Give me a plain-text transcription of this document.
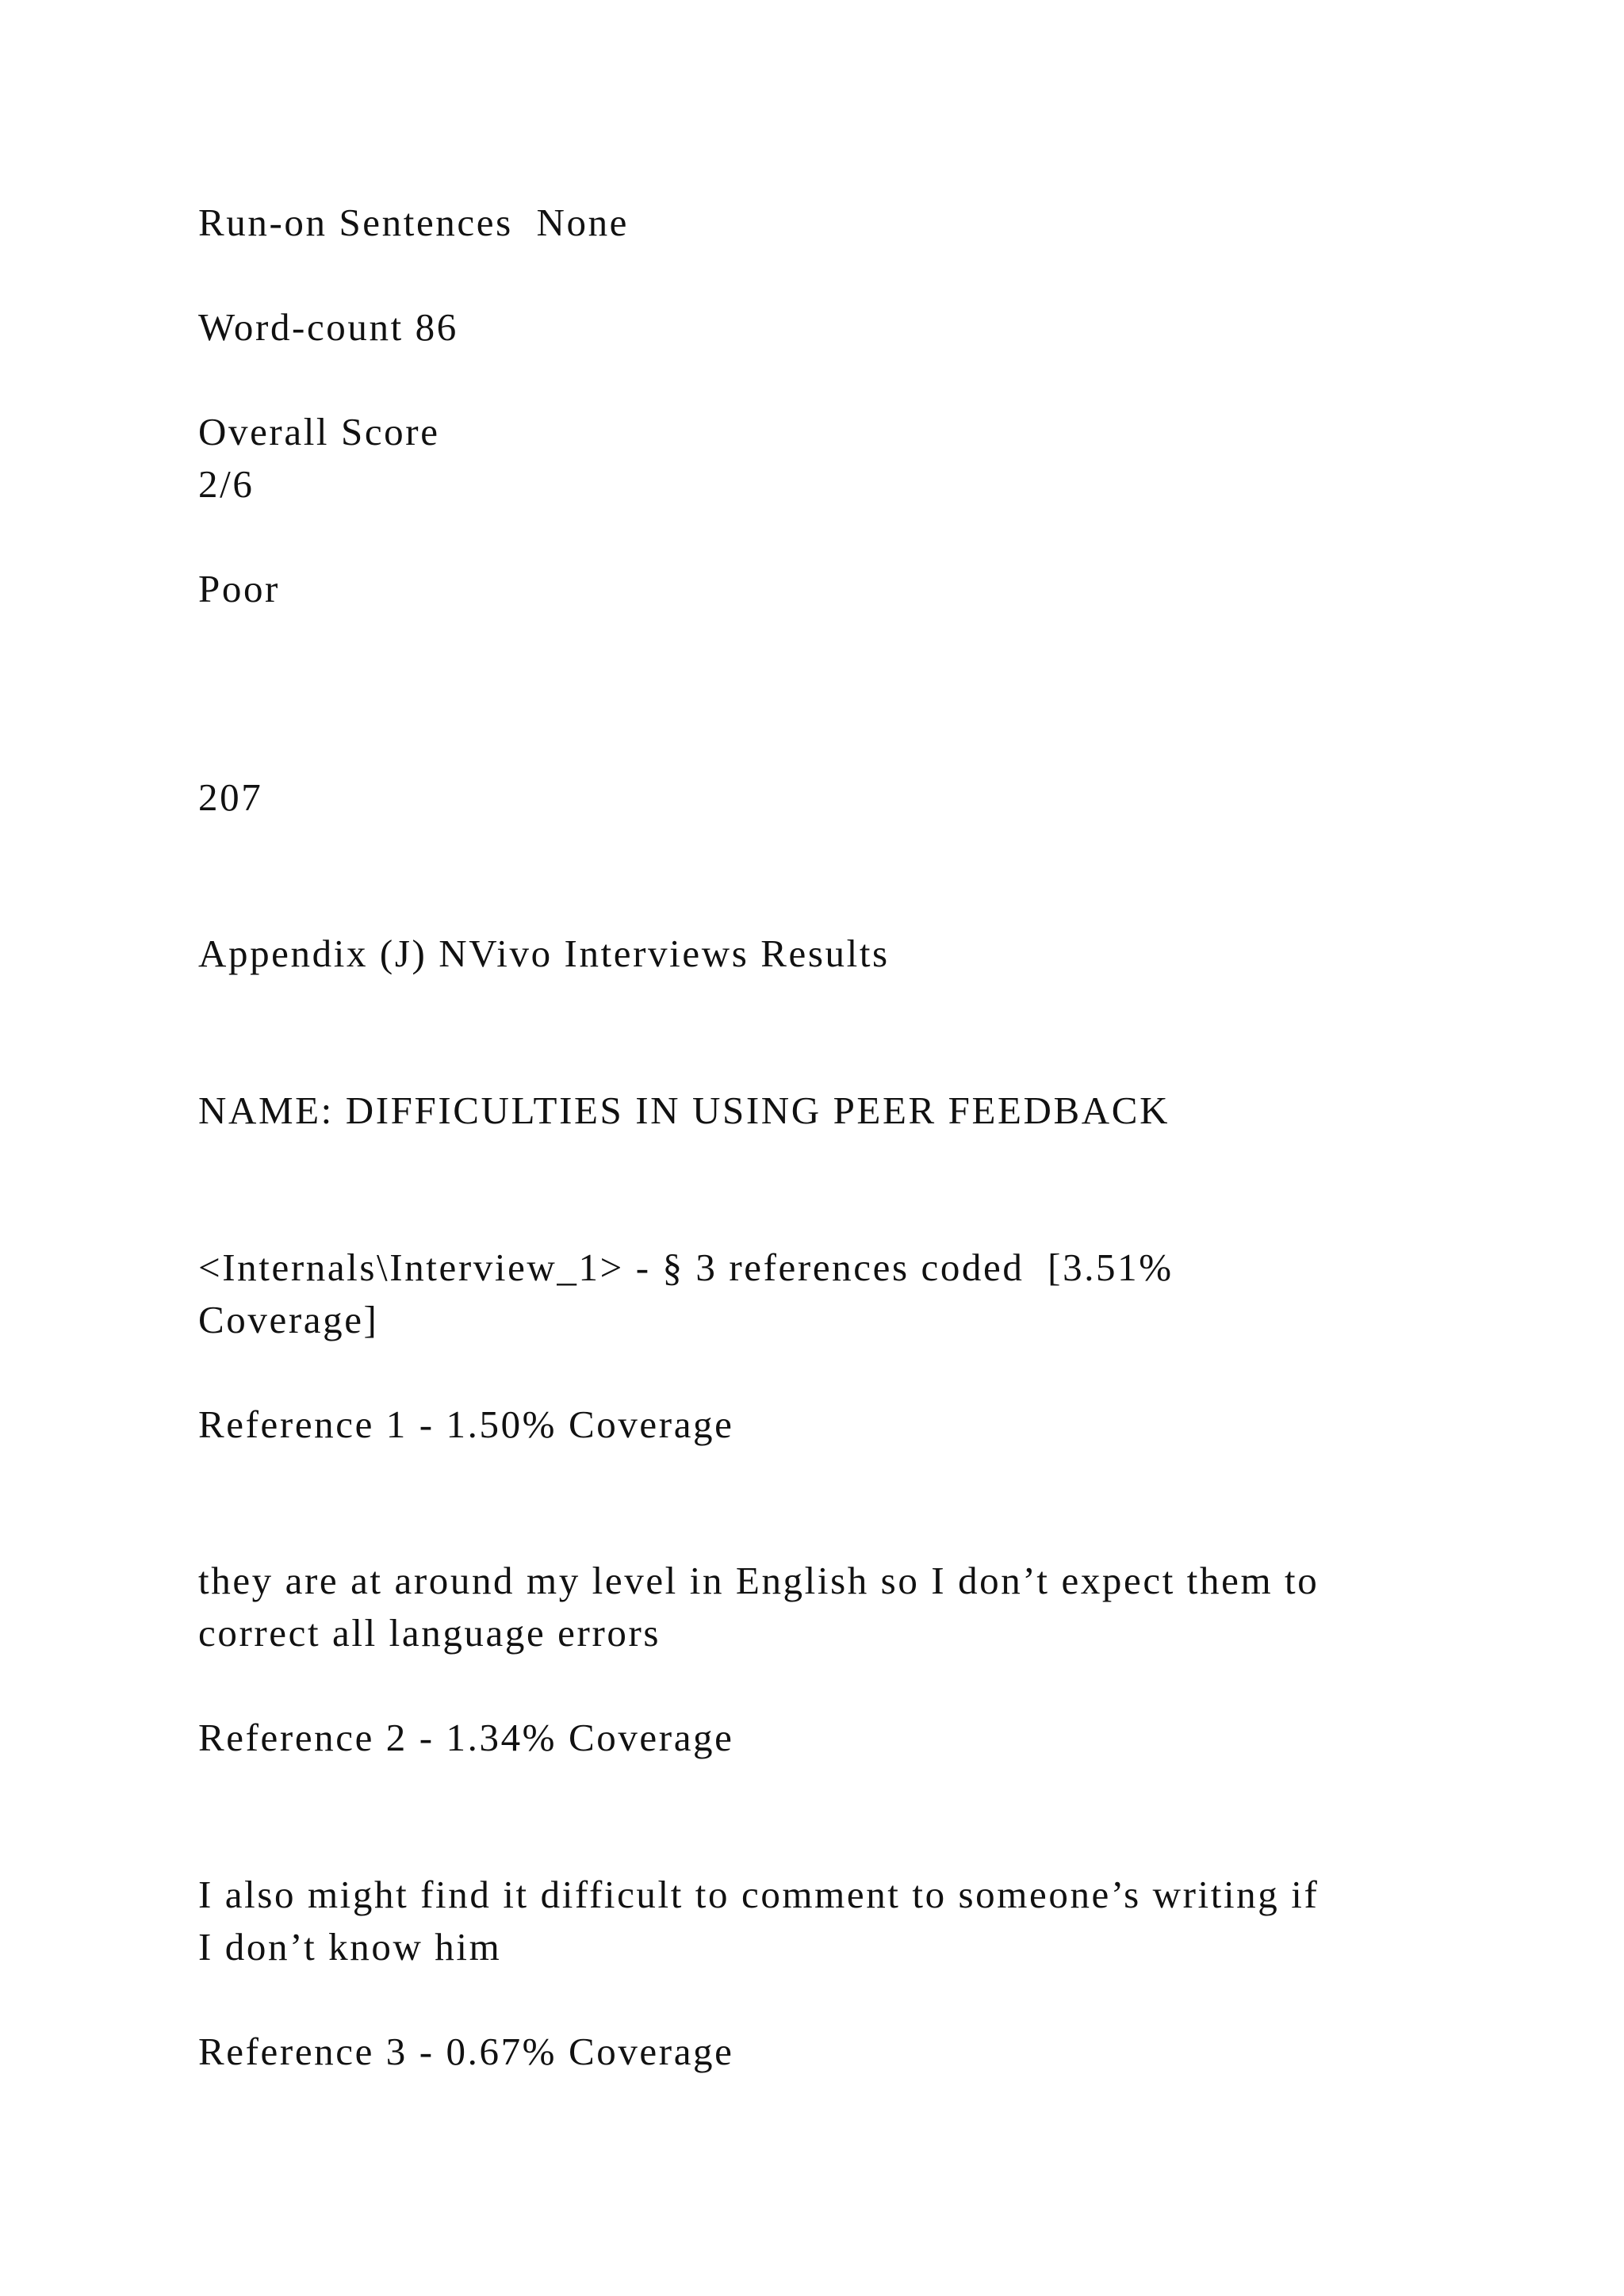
Run-on Sentences  None

Word-count 86

Overall Score

2/6

Poor

207

Appendix (J) NVivo Interviews Results

NAME: DIFFICULTIES IN USING PEER FEEDBACK

<Internals\Interview_1> - § 3 references coded  [3.51%

Coverage]

Reference 1 - 1.50% Coverage

they are at around my level in English so I don’t expect them to

correct all language errors

Reference 2 - 1.34% Coverage

I also might find it difficult to comment to someone’s writing if

I don’t know him

Reference 3 - 0.67% Coverage
